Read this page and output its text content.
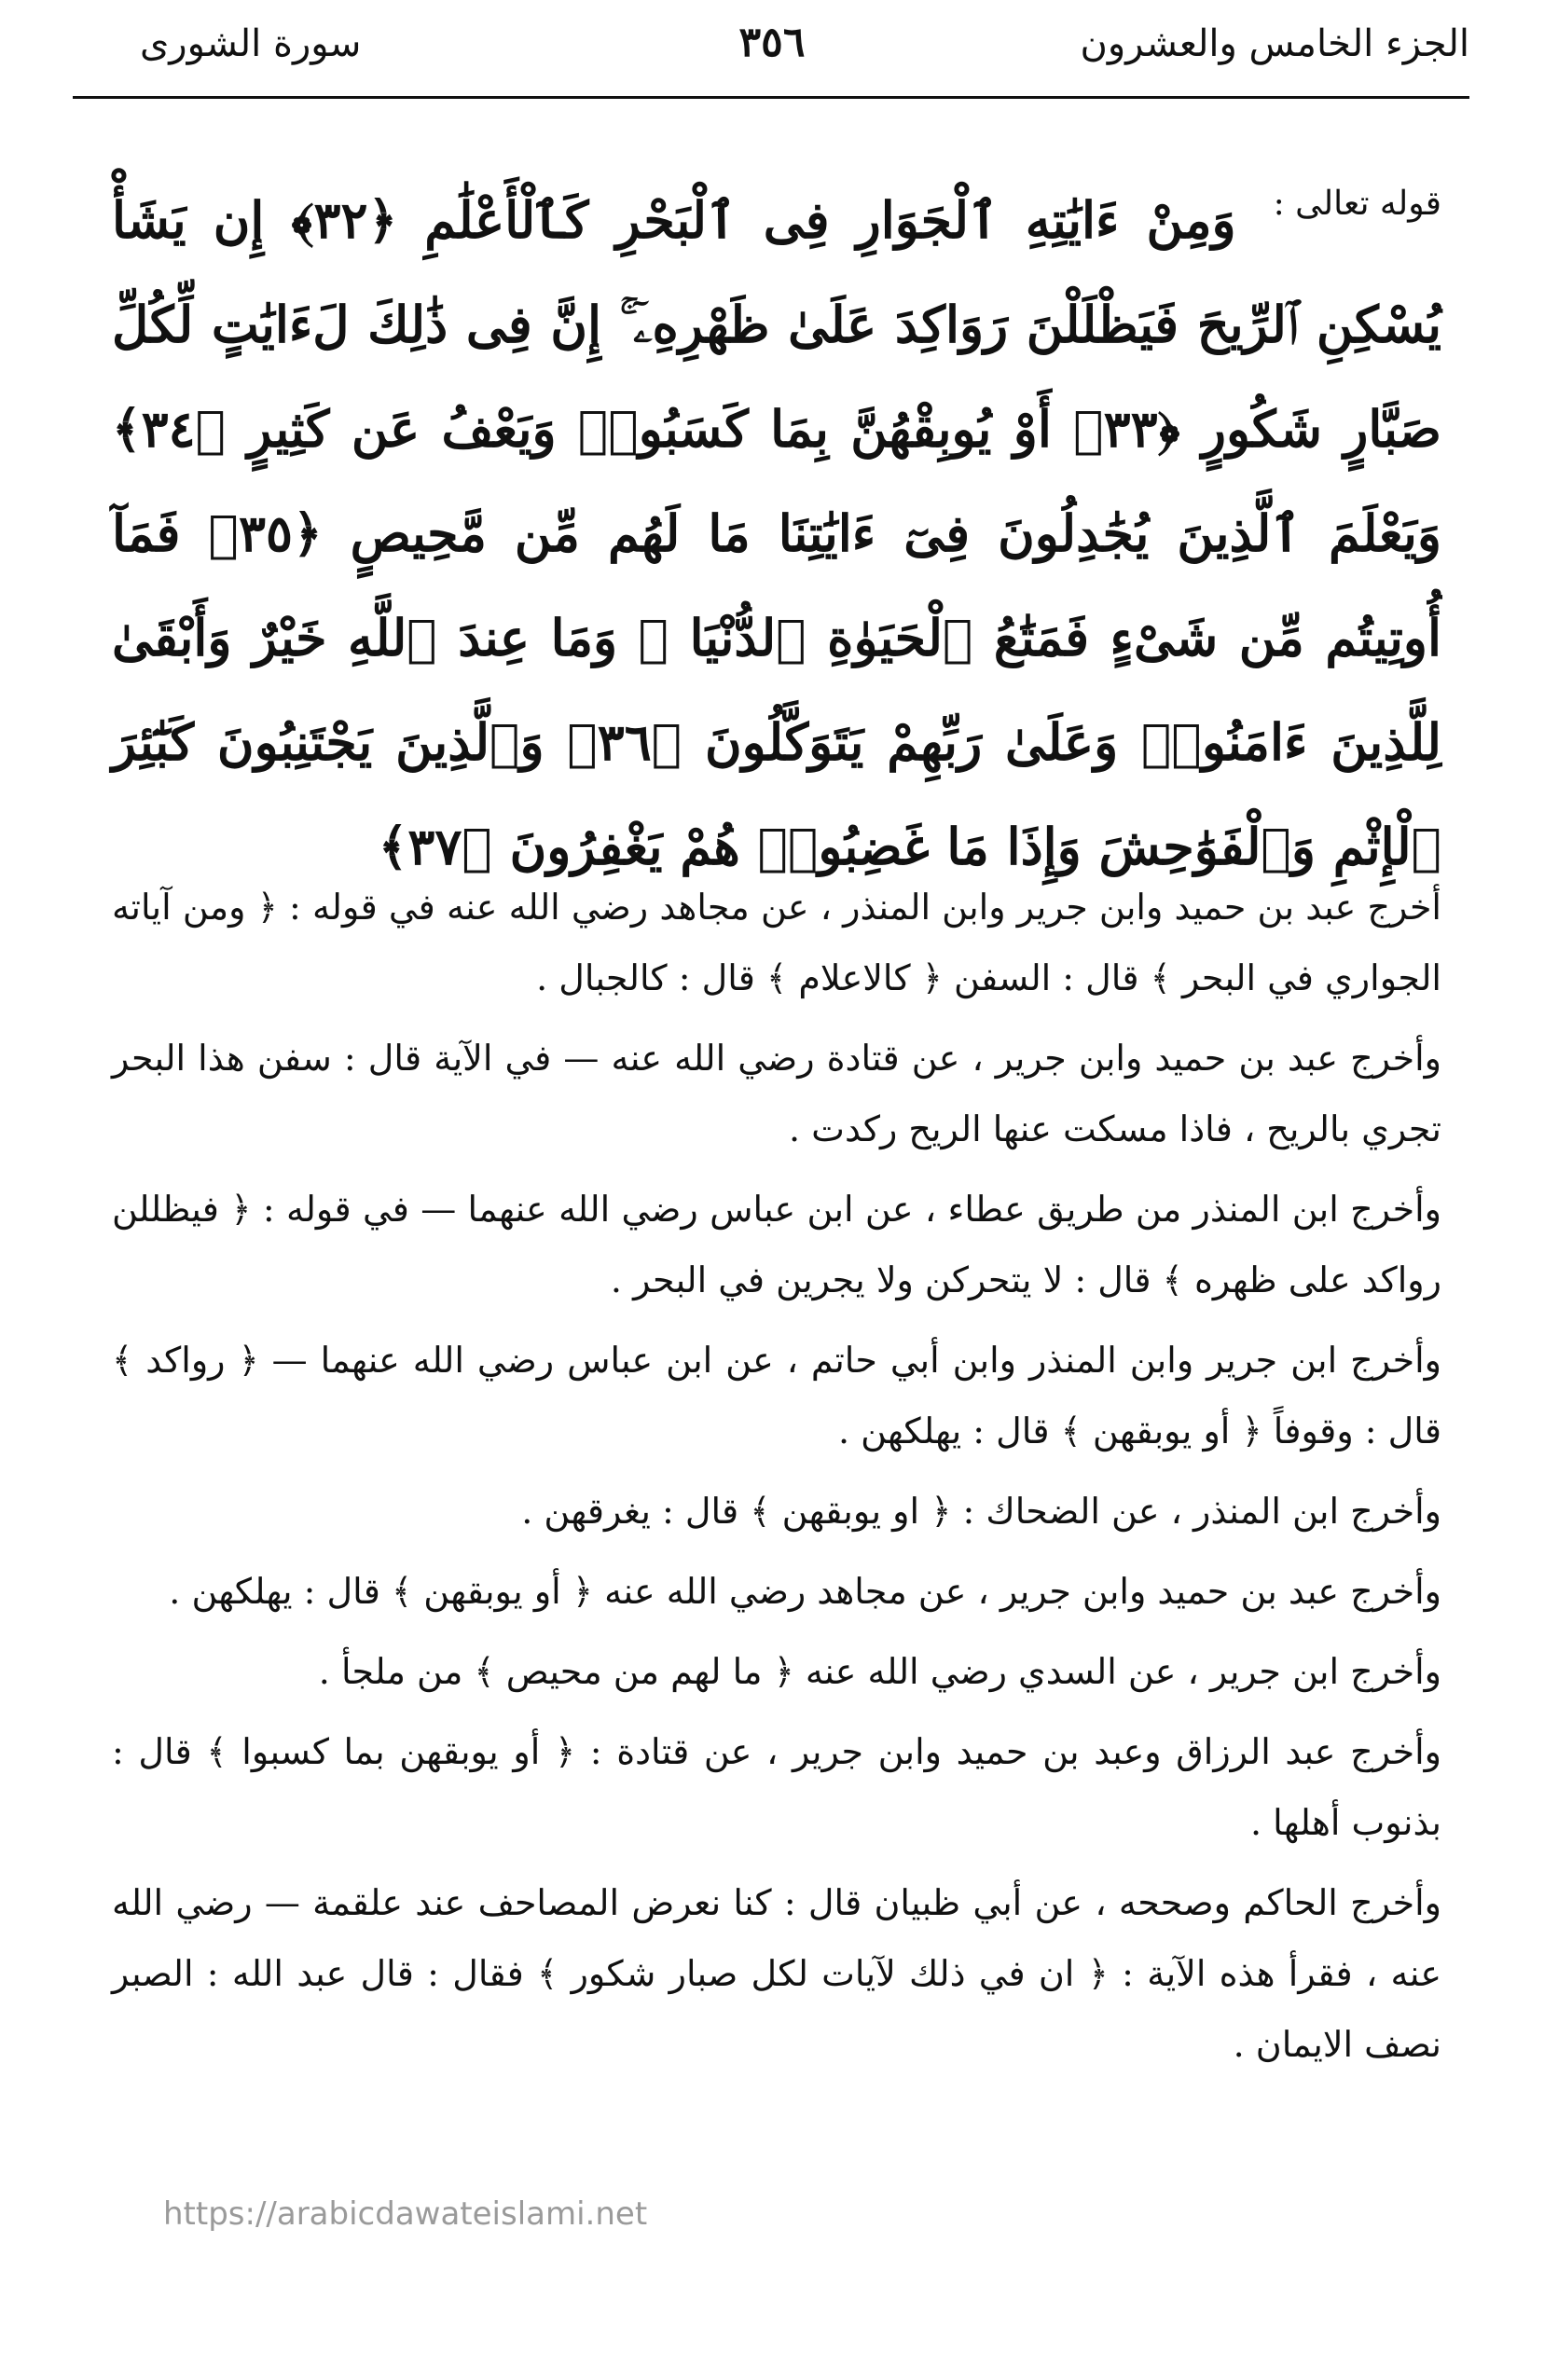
الجزء الخامس والعشرون
٣٥٦
سورة الشورى
قوله تعالى :
وَمِنْ ءَايَٰتِهِ ٱلْجَوَارِ فِى ٱلْبَحْرِ كَٱلْأَعْلَٰمِ ﴿٣٢﴾ إِن يَشَأْ يُسْكِنِ ٱلرِّيحَ فَيَظْلَلْنَ رَوَاكِدَ عَلَىٰ ظَهْرِهِۦٓ ۚ إِنَّ فِى ذَٰلِكَ لَءَايَٰتٍ لِّكُلِّ صَبَّارٍ شَكُورٍ ﴿٣٣﴾ أَوْ يُوبِقْهُنَّ بِمَا كَسَبُوا۟ وَيَعْفُ عَن كَثِيرٍ ﴿٣٤﴾ وَيَعْلَمَ ٱلَّذِينَ يُجَٰدِلُونَ فِىٓ ءَايَٰتِنَا مَا لَهُم مِّن مَّحِيصٍ ﴿٣٥﴾ فَمَآ أُوتِيتُم مِّن شَىْءٍ فَمَتَٰعُ ٱلْحَيَوٰةِ ٱلدُّنْيَا ۖ وَمَا عِندَ ٱللَّهِ خَيْرٌ وَأَبْقَىٰ لِلَّذِينَ ءَامَنُوا۟ وَعَلَىٰ رَبِّهِمْ يَتَوَكَّلُونَ ﴿٣٦﴾ وَٱلَّذِينَ يَجْتَنِبُونَ كَبَٰٓئِرَ ٱلْإِثْمِ وَٱلْفَوَٰحِشَ وَإِذَا مَا غَضِبُوا۟ هُمْ يَغْفِرُونَ ﴿٣٧﴾

أخرج عبد بن حميد وابن جرير وابن المنذر ، عن مجاهد رضي الله عنه في قوله : ﴿ ومن آياته الجواري في البحر ﴾ قال : السفن ﴿ كالاعلام ﴾ قال : كالجبال .

وأخرج عبد بن حميد وابن جرير ، عن قتادة رضي الله عنه — في الآية قال : سفن هذا البحر تجري بالريح ، فاذا مسكت عنها الريح ركدت .

وأخرج ابن المنذر من طريق عطاء ، عن ابن عباس رضي الله عنهما — في قوله : ﴿ فيظللن رواكد على ظهره ﴾ قال : لا يتحركن ولا يجرين في البحر .

وأخرج ابن جرير وابن المنذر وابن أبي حاتم ، عن ابن عباس رضي الله عنهما — ﴿ رواكد ﴾ قال : وقوفاً ﴿ أو يوبقهن ﴾ قال : يهلكهن .

وأخرج ابن المنذر ، عن الضحاك : ﴿ او يوبقهن ﴾ قال : يغرقهن .

وأخرج عبد بن حميد وابن جرير ، عن مجاهد رضي الله عنه ﴿ أو يوبقهن ﴾ قال : يهلكهن .

وأخرج ابن جرير ، عن السدي رضي الله عنه ﴿ ما لهم من محيص ﴾ من ملجأ .

وأخرج عبد الرزاق وعبد بن حميد وابن جرير ، عن قتادة : ﴿ أو يوبقهن بما كسبوا ﴾ قال : بذنوب أهلها .

وأخرج الحاكم وصححه ، عن أبي ظبيان قال : كنا نعرض المصاحف عند علقمة — رضي الله عنه ، فقرأ هذه الآية : ﴿ ان في ذلك لآيات لكل صبار شكور ﴾ فقال : قال عبد الله : الصبر نصف الايمان .

https://arabicdawateislami.net
